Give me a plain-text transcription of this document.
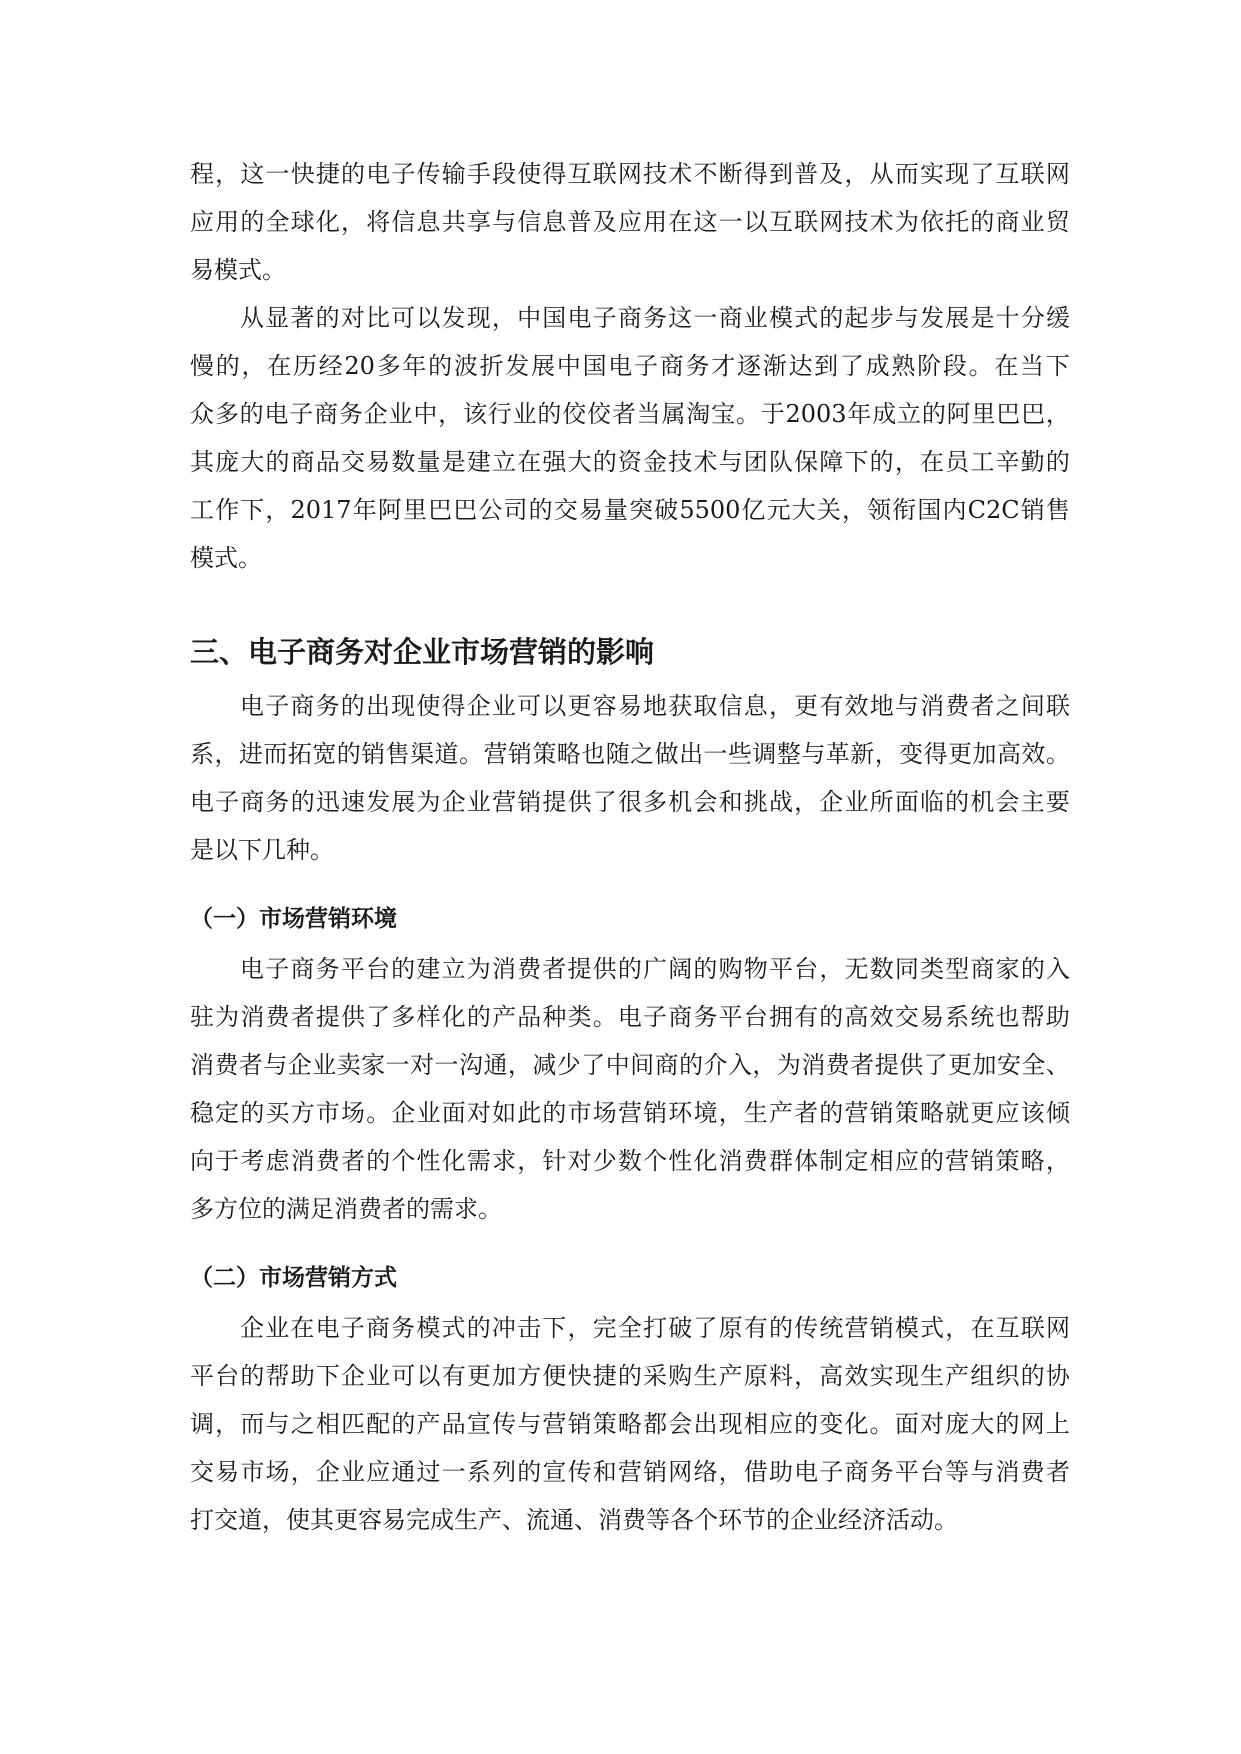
程 ， 这 一 快 捷 的 电 子 传 输 手 段 使 得 互 联 网 技 术 不 断 得 到 普 及 ， 从 而 实 现 了 互 联 网
应 用 的 全 球 化 ， 将 信 息 共 享 与 信 息 普 及 应 用 在 这 一 以 互 联 网 技 术 为 依 托 的 商 业 贸
易模式。
从 显 著 的 对 比 可 以 发 现 ， 中 国 电 子 商 务 这 一 商 业 模 式 的 起 步 与 发 展 是 十 分 缓
慢 的 ， 在 历 经 20 多 年 的 波 折 发 展 中 国 电 子 商 务 才 逐 渐 达 到 了 成 熟 阶 段 。 在 当 下
众 多 的 电 子 商 务 企 业 中 ， 该 行 业 的 佼 佼 者 当 属 淘 宝 。 于 2003 年 成 立 的 阿 里 巴 巴 ，
其 庞 大 的 商 品 交 易 数 量 是 建 立 在 强 大 的 资 金 技 术 与 团 队 保 障 下 的 ， 在 员 工 辛 勤 的
工 作 下 ， 2017 年 阿 里 巴 巴 公 司 的 交 易 量 突 破 5500 亿 元 大 关 ， 领 衔 国 内 C2C 销 售
模式。
三、电子商务对企业市场营销的影响
电 子 商 务 的 出 现 使 得 企 业 可 以 更 容 易 地 获 取 信 息 ， 更 有 效 地 与 消 费 者 之 间 联
系 ， 进 而 拓 宽 的 销 售 渠 道 。 营 销 策 略 也 随 之 做 出 一 些 调 整 与 革 新 ， 变 得 更 加 高 效 。
电 子 商 务 的 迅 速 发 展 为 企 业 营 销 提 供 了 很 多 机 会 和 挑 战 ， 企 业 所 面 临 的 机 会 主 要
是以下几种。
（一）市场营销环境
电 子 商 务 平 台 的 建 立 为 消 费 者 提 供 的 广 阔 的 购 物 平 台 ， 无 数 同 类 型 商 家 的 入
驻 为 消 费 者 提 供 了 多 样 化 的 产 品 种 类 。 电 子 商 务 平 台 拥 有 的 高 效 交 易 系 统 也 帮 助
消 费 者 与 企 业 卖 家 一 对 一 沟 通 ， 减 少 了 中 间 商 的 介 入 ， 为 消 费 者 提 供 了 更 加 安 全 、
稳 定 的 买 方 市 场 。 企 业 面 对 如 此 的 市 场 营 销 环 境 ， 生 产 者 的 营 销 策 略 就 更 应 该 倾
向 于 考 虑 消 费 者 的 个 性 化 需 求 ， 针 对 少 数 个 性 化 消 费 群 体 制 定 相 应 的 营 销 策 略 ，
多方位的满足消费者的需求。
（二）市场营销方式
企 业 在 电 子 商 务 模 式 的 冲 击 下 ， 完 全 打 破 了 原 有 的 传 统 营 销 模 式 ， 在 互 联 网
平 台 的 帮 助 下 企 业 可 以 有 更 加 方 便 快 捷 的 采 购 生 产 原 料 ， 高 效 实 现 生 产 组 织 的 协
调 ， 而 与 之 相 匹 配 的 产 品 宣 传 与 营 销 策 略 都 会 出 现 相 应 的 变 化 。 面 对 庞 大 的 网 上
交 易 市 场 ， 企 业 应 通 过 一 系 列 的 宣 传 和 营 销 网 络 ， 借 助 电 子 商 务 平 台 等 与 消 费 者
打交道，使其更容易完成生产、流通、消费等各个环节的企业经济活动。
